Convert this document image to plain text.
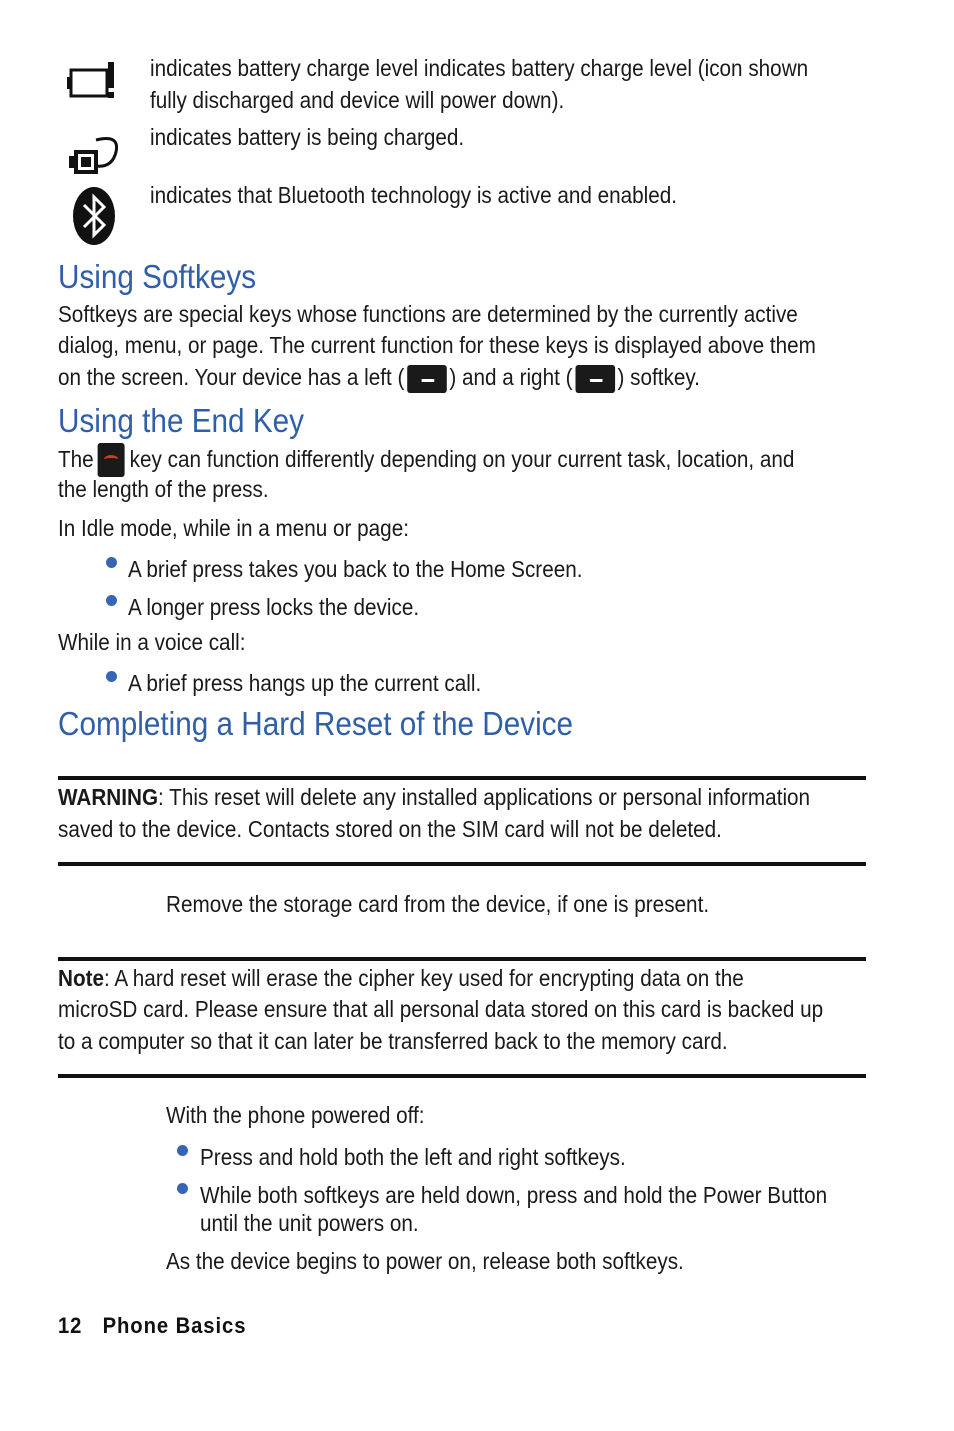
indicates battery charge level indicates battery charge level (icon shown
fully discharged and device will power down).
indicates battery is being charged.
indicates that Bluetooth technology is active and enabled.
Using Softkeys
Softkeys are special keys whose functions are determined by the currently active
dialog, menu, or page. The current function for these keys is displayed above them
on the screen. Your device has a left ( ) and a right ( ) softkey.
Using the End Key
The key can function differently depending on your current task, location, and
the length of the press.
In Idle mode, while in a menu or page:
A brief press takes you back to the Home Screen.
A longer press locks the device.
While in a voice call:
A brief press hangs up the current call.
Completing a Hard Reset of the Device
WARNING: This reset will delete any installed applications or personal information
saved to the device. Contacts stored on the SIM card will not be deleted.
Remove the storage card from the device, if one is present.
Note: A hard reset will erase the cipher key used for encrypting data on the
microSD card. Please ensure that all personal data stored on this card is backed up
to a computer so that it can later be transferred back to the memory card.
With the phone powered off:
Press and hold both the left and right softkeys.
While both softkeys are held down, press and hold the Power Button
until the unit powers on.
As the device begins to power on, release both softkeys.
12 Phone Basics
